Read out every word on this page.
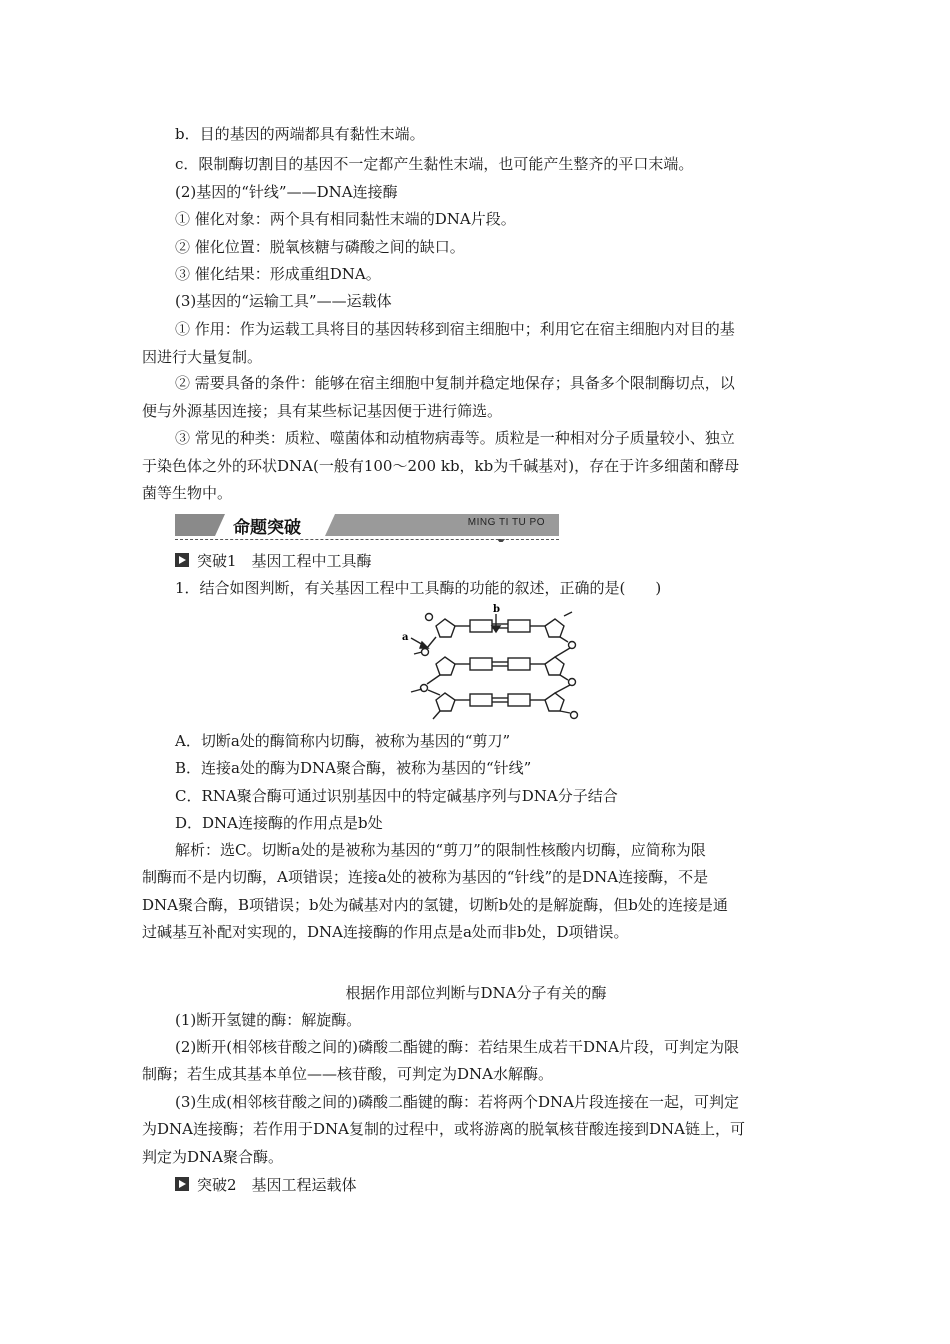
b．目的基因的两端都具有黏性末端。
c．限制酶切割目的基因不一定都产生黏性末端，也可能产生整齐的平口末端。
(2)基因的“针线”——DNA连接酶
① 催化对象：两个具有相同黏性末端的DNA片段。
② 催化位置：脱氧核糖与磷酸之间的缺口。
③ 催化结果：形成重组DNA。
(3)基因的“运输工具”——运载体
① 作用：作为运载工具将目的基因转移到宿主细胞中；利用它在宿主细胞内对目的基
因进行大量复制。
② 需要具备的条件：能够在宿主细胞中复制并稳定地保存；具备多个限制酶切点，以
便与外源基因连接；具有某些标记基因便于进行筛选。
③ 常见的种类：质粒、噬菌体和动植物病毒等。质粒是一种相对分子质量较小、独立
于染色体之外的环状DNA(一般有100～200 kb，kb为千碱基对)，存在于许多细菌和酵母
菌等生物中。
命题突破	MING TI TU PO
突破1　基因工程中工具酶
1．结合如图判断，有关基因工程中工具酶的功能的叙述，正确的是( )
b
a
A．切断a处的酶简称内切酶，被称为基因的“剪刀”
B．连接a处的酶为DNA聚合酶，被称为基因的“针线”
C．RNA聚合酶可通过识别基因中的特定碱基序列与DNA分子结合
D．DNA连接酶的作用点是b处
解析：选C。切断a处的是被称为基因的“剪刀”的限制性核酸内切酶，应简称为限
制酶而不是内切酶，A项错误；连接a处的被称为基因的“针线”的是DNA连接酶，不是
DNA聚合酶，B项错误；b处为碱基对内的氢键，切断b处的是解旋酶，但b处的连接是通
过碱基互补配对实现的，DNA连接酶的作用点是a处而非b处，D项错误。
根据作用部位判断与DNA分子有关的酶
(1)断开氢键的酶：解旋酶。
(2)断开(相邻核苷酸之间的)磷酸二酯键的酶：若结果生成若干DNA片段，可判定为限
制酶；若生成其基本单位——核苷酸，可判定为DNA水解酶。
(3)生成(相邻核苷酸之间的)磷酸二酯键的酶：若将两个DNA片段连接在一起，可判定
为DNA连接酶；若作用于DNA复制的过程中，或将游离的脱氧核苷酸连接到DNA链上，可
判定为DNA聚合酶。
突破2　基因工程运载体
